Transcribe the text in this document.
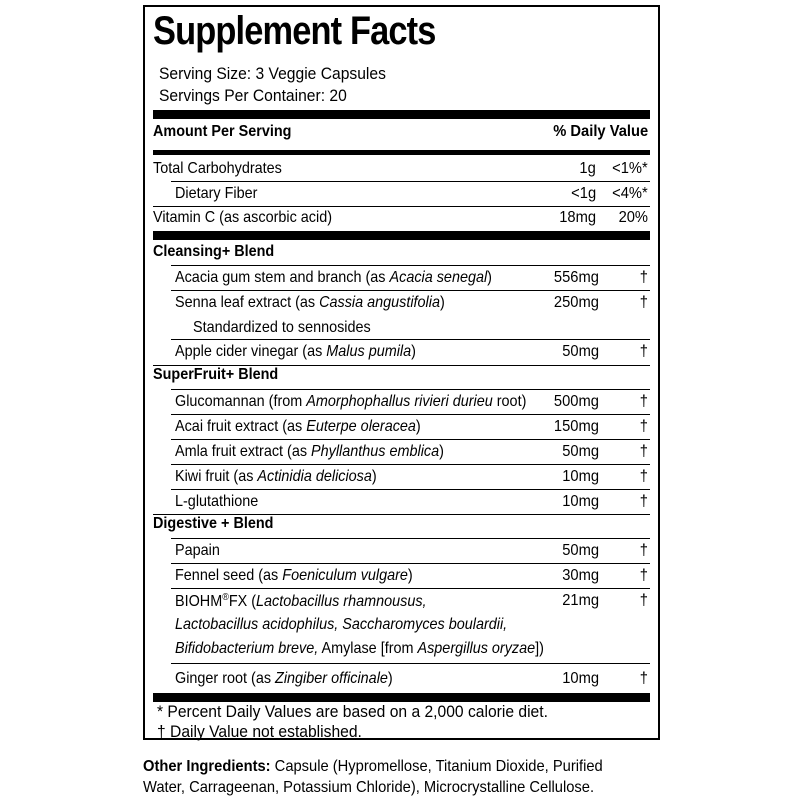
Supplement Facts
Serving Size: 3 Veggie Capsules
Servings Per Container: 20
Amount Per Serving	% Daily Value
Total Carbohydrates	1g <1%*
Dietary Fiber	<1g <4%*
Vitamin C (as ascorbic acid)	18mg 20%
Cleansing+ Blend
Acacia gum stem and branch (as Acacia senegal)	556mg	†
Senna leaf extract (as Cassia angustifolia)	250mg	†
Standardized to sennosides
Apple cider vinegar (as Malus pumila)	50mg	†
SuperFruit+ Blend
Glucomannan (from Amorphophallus rivieri durieu root) 500mg	†
Acai fruit extract (as Euterpe oleracea)	150mg	†
Amla fruit extract (as Phyllanthus emblica)	50mg	†
Kiwi fruit (as Actinidia deliciosa)	10mg	†
L-glutathione	10mg	†
Digestive + Blend
Papain	50mg	†
Fennel seed (as Foeniculum vulgare)	30mg	†
BIOHM®FX (Lactobacillus rhamnousus,	21mg	†
Lactobacillus acidophilus, Saccharomyces boulardii,
Bifidobacterium breve, Amylase [from Aspergillus oryzae])
Ginger root (as Zingiber officinale)	10mg	†
* Percent Daily Values are based on a 2,000 calorie diet.
† Daily Value not established.
Other Ingredients: Capsule (Hypromellose, Titanium Dioxide, Purified
Water, Carrageenan, Potassium Chloride), Microcrystalline Cellulose.
